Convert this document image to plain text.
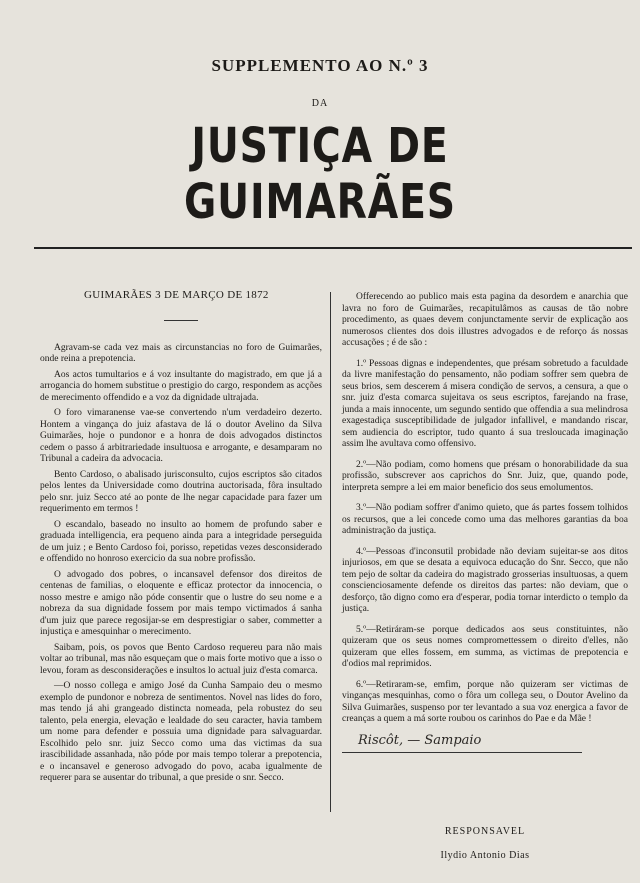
SUPPLEMENTO AO N.º 3
DA
JUSTIÇA DE GUIMARÃES
GUIMARÃES 3 DE MARÇO DE 1872

Agravam-se cada vez mais as circunstancias no foro de Guimarães, onde reina a prepotencia.

Aos actos tumultarios e á voz insultante do magistrado, em que já a arrogancia do homem substitue o prestigio do cargo, respondem as acções de merecimento offendido e a voz da dignidade ultrajada.

O foro vimaranense vae-se convertendo n'um verdadeiro dezerto. Hontem a vingança do juiz afastava de lá o doutor Avelino da Silva Guimarães, hoje o pundonor e a honra de dois advogados distinctos cedem o passo á arbitrariedade insultuosa e arrogante, e desamparam no Tribunal a cadeira da advocacia.

Bento Cardoso, o abalisado jurisconsulto, cujos escriptos são citados pelos lentes da Universidade como doutrina auctorisada, fôra insultado pelo snr. juiz Secco até ao ponte de lhe negar capacidade para fazer um requerimento em termos !

O escandalo, baseado no insulto ao homem de profundo saber e graduada intelligencia, era pequeno ainda para a integridade perseguida de um juiz ; e Bento Cardoso foi, porisso, repetidas vezes desconsiderado e offendido no honroso exercicio da sua nobre profissão.

O advogado dos pobres, o incansavel defensor dos direitos de centenas de familias, o eloquente e efficaz protector da innocencia, o nosso mestre e amigo não póde consentir que o lustre do seu nome e a nobreza da sua dignidade fossem por mais tempo victimados á sanha d'um juiz que parece regosijar-se em desprestigiar o saber, commetter a injustiça e amesquinhar o merecimento.

Saibam, pois, os povos que Bento Cardoso requereu para não mais voltar ao tribunal, mas não esqueçam que o mais forte motivo que a isso o levou, foram as desconsiderações e insultos lo actual juiz d'esta comarca.

—O nosso collega e amigo José da Cunha Sampaio deu o mesmo exemplo de pundonor e nobreza de sentimentos. Novel nas lides do foro, mas tendo já ahi grangeado distincta nomeada, pela robustez do seu talento, pela energia, elevação e lealdade do seu caracter, havia tambem um nome para defender e possuia uma dignidade para salvaguardar. Escolhido pelo snr. juiz Secco como uma das victimas da sua irascibilidade assanhada, não póde por mais tempo tolerar a prepotencia, e o incansavel e generoso advogado do povo, acaba igualmente de requerer para se ausentar do tribunal, a que preside o snr. Secco.

Offerecendo ao publico mais esta pagina da desordem e anarchia que lavra no foro de Guimarães, recapitulâmos as causas de tão nobre procedimento, as quaes devem conjunctamente servir de explicação aos numerosos clientes dos dois illustres advogados e de reforço ás nossas accusações ; é de são :

1.º Pessoas dignas e independentes, que présam sobretudo a faculdade da livre manifestação do pensamento, não podiam soffrer sem quebra de seus brios, sem descerem á misera condição de servos, a censura, a que o snr. juiz d'esta comarca sujeitava os seus escriptos, farejando na frase, junda a mais innocente, um segundo sentido que offendia a sua melindrosa exagestadiça susceptibilidade de julgador infallivel, e mandando riscar, sem audiencia do escriptor, tudo quanto á sua tresloucada imaginação assim lhe avultava como offensivo.

2.º—Não podiam, como homens que présam o honorabilidade da sua profissão, subscrever aos caprichos do Snr. Juiz, que, quando pode, interpreta sempre a lei em maior beneficio dos seus emolumentos.

3.º—Não podiam soffrer d'animo quieto, que ás partes fossem tolhidos os recursos, que a lei concede como uma das melhores garantias da boa administração da justiça.

4.º—Pessoas d'inconsutil probidade não deviam sujeitar-se aos ditos injuriosos, em que se desata a equivoca educação do Snr. Secco, que não tem pejo de soltar da cadeira do magistrado grosserias insultuosas, a quem conscienciosamente defende os direitos das partes: não deviam, que o desforço, tão digno como era d'esperar, podia tornar interdicto o templo da justiça.

5.º—Retiráram-se porque dedicados aos seus constituintes, não quizeram que os seus nomes compromettessem o direito d'elles, não quizeram que elles fossem, em summa, as victimas de prepotencia e d'odios mal reprimidos.

6.º—Retiraram-se, emfim, porque não quizeram ser victimas de vinganças mesquinhas, como o fôra um collega seu, o Doutor Avelino da Silva Guimarães, suspenso por ter levantado a sua voz energica a favor de creanças a quem a má sorte roubou os carinhos do Pae e da Mãe !

Riscôt, — Sampaio
RESPONSAVEL
Ilydio Antonio Dias
